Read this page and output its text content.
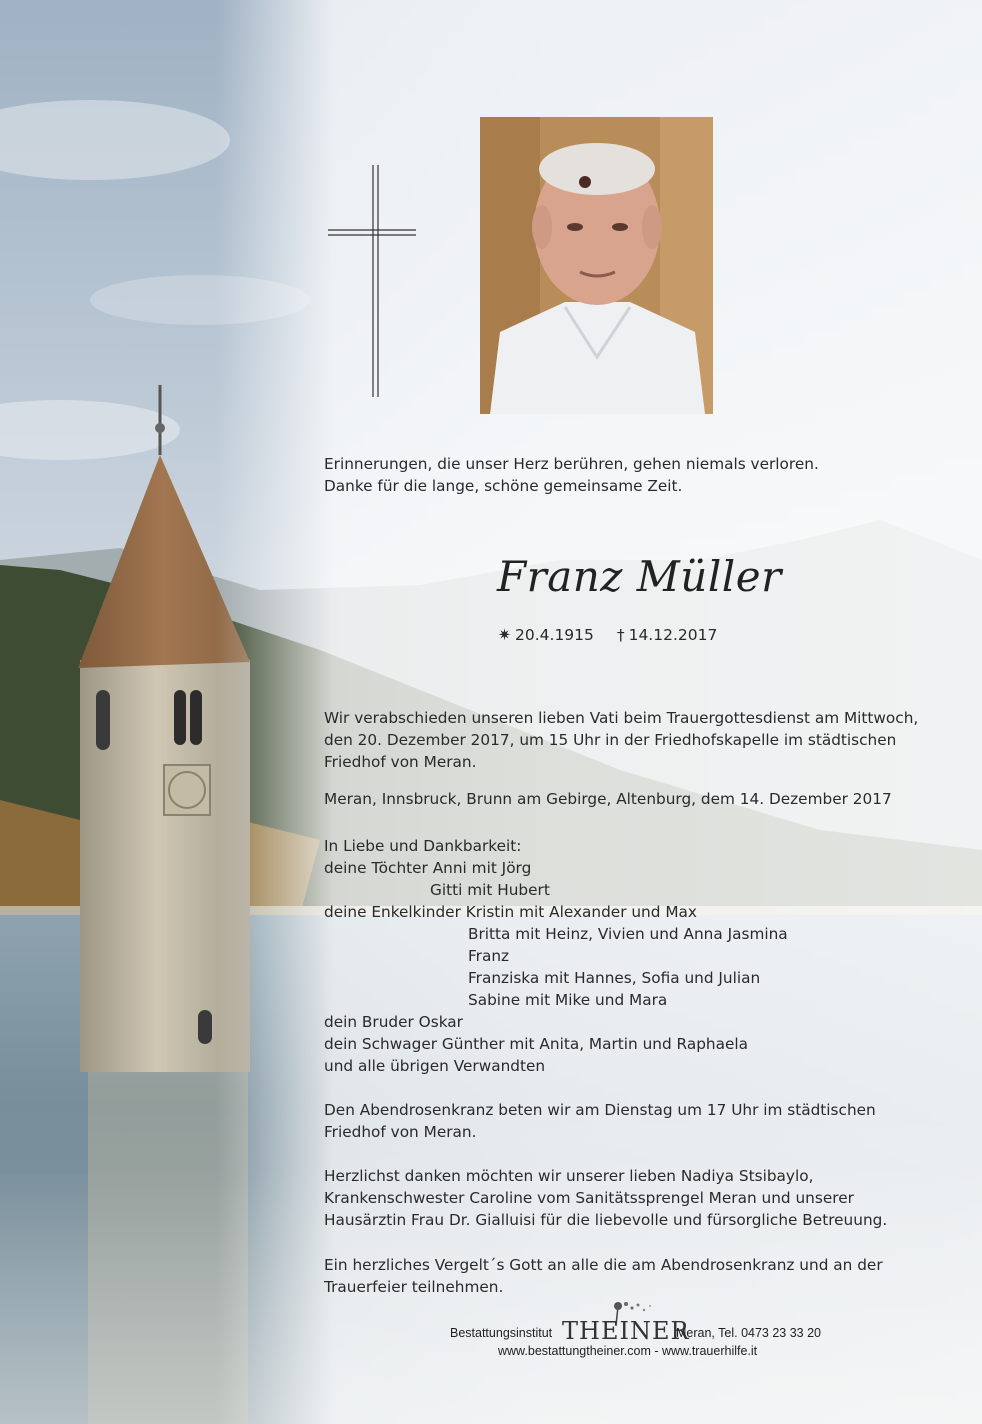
Erinnerungen, die unser Herz berühren, gehen niemals verloren.
Danke für die lange, schöne gemeinsame Zeit.
Franz Müller
✷ 20.4.1915 † 14.12.2017
Wir verabschieden unseren lieben Vati beim Trauergottesdienst am Mittwoch,
den 20. Dezember 2017, um 15 Uhr in der Friedhofskapelle im städtischen
Friedhof von Meran.
Meran, Innsbruck, Brunn am Gebirge, Altenburg, dem 14. Dezember 2017
In Liebe und Dankbarkeit:
deine Töchter Anni mit Jörg
Gitti mit Hubert
deine Enkelkinder Kristin mit Alexander und Max
Britta mit Heinz, Vivien und Anna Jasmina
Franz
Franziska mit Hannes, Sofia und Julian
Sabine mit Mike und Mara
dein Bruder Oskar
dein Schwager Günther mit Anita, Martin und Raphaela
und alle übrigen Verwandten
Den Abendrosenkranz beten wir am Dienstag um 17 Uhr im städtischen
Friedhof von Meran.
Herzlichst danken möchten wir unserer lieben Nadiya Stsibaylo,
Krankenschwester Caroline vom Sanitätssprengel Meran und unserer
Hausärztin Frau Dr. Gialluisi für die liebevolle und fürsorgliche Betreuung.
Ein herzliches Vergelt´s Gott an alle die am Abendrosenkranz und an der
Trauerfeier teilnehmen.
Bestattungsinstitut THEINER
Meran, Tel. 0473 23 33 20
www.bestattungtheiner.com - www.trauerhilfe.it
